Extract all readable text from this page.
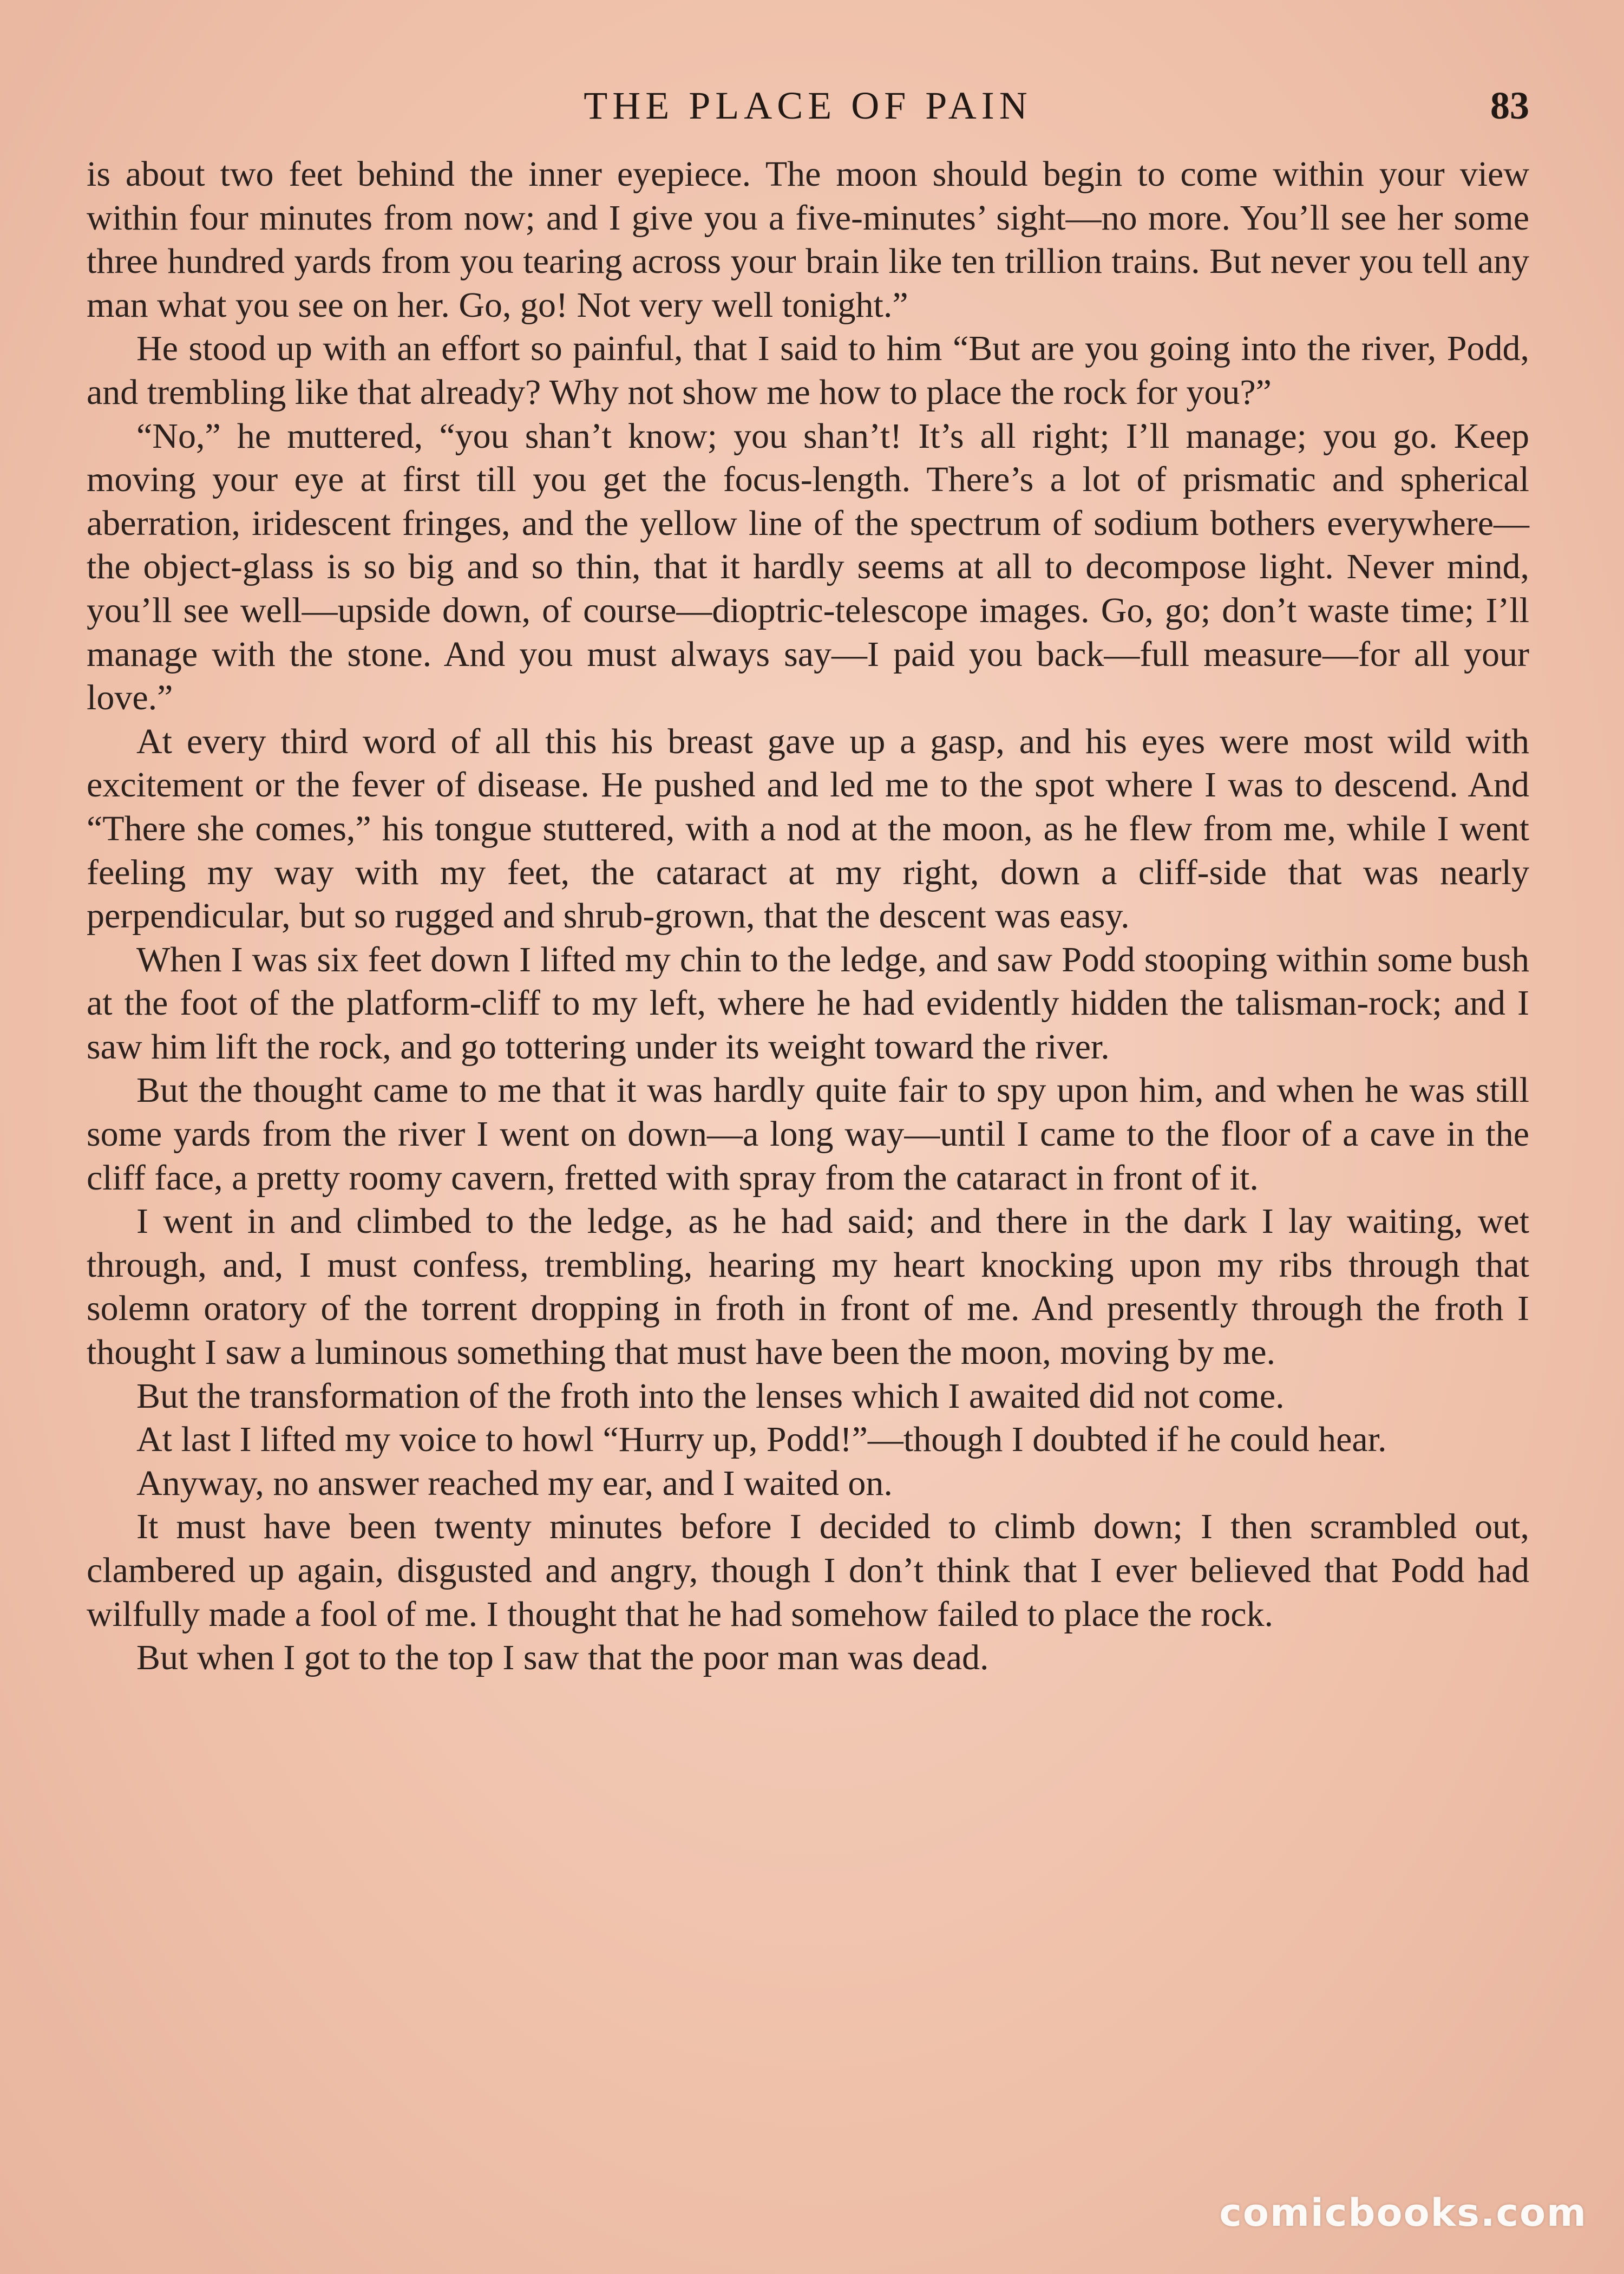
THE PLACE OF PAIN	83

is about two feet behind the inner eyepiece. The moon should begin to come within your view within four minutes from now; and I give you a five-minutes’ sight—no more. You’ll see her some three hundred yards from you tearing across your brain like ten trillion trains. But never you tell any man what you see on her. Go, go! Not very well tonight.”

He stood up with an effort so painful, that I said to him “But are you going into the river, Podd, and trembling like that already? Why not show me how to place the rock for you?”

“No,” he muttered, “you shan’t know; you shan’t! It’s all right; I’ll manage; you go. Keep moving your eye at first till you get the focus-length. There’s a lot of prismatic and spherical aberration, iridescent fringes, and the yellow line of the spectrum of sodium bothers everywhere—the object-glass is so big and so thin, that it hardly seems at all to decompose light. Never mind, you’ll see well—upside down, of course—dioptric-telescope images. Go, go; don’t waste time; I’ll manage with the stone. And you must always say—I paid you back—full measure—for all your love.”

At every third word of all this his breast gave up a gasp, and his eyes were most wild with excitement or the fever of disease. He pushed and led me to the spot where I was to descend. And “There she comes,” his tongue stuttered, with a nod at the moon, as he flew from me, while I went feeling my way with my feet, the cataract at my right, down a cliff-side that was nearly perpendicular, but so rugged and shrub-grown, that the descent was easy.

When I was six feet down I lifted my chin to the ledge, and saw Podd stooping within some bush at the foot of the platform-cliff to my left, where he had evidently hidden the talisman-rock; and I saw him lift the rock, and go tottering under its weight toward the river.

But the thought came to me that it was hardly quite fair to spy upon him, and when he was still some yards from the river I went on down—a long way—until I came to the floor of a cave in the cliff face, a pretty roomy cavern, fretted with spray from the cataract in front of it.

I went in and climbed to the ledge, as he had said; and there in the dark I lay waiting, wet through, and, I must confess, trembling, hearing my heart knocking upon my ribs through that solemn oratory of the torrent dropping in froth in front of me. And presently through the froth I thought I saw a luminous something that must have been the moon, moving by me.

But the transformation of the froth into the lenses which I awaited did not come.

At last I lifted my voice to howl “Hurry up, Podd!”—though I doubted if he could hear.

Anyway, no answer reached my ear, and I waited on.

It must have been twenty minutes before I decided to climb down; I then scrambled out, clambered up again, disgusted and angry, though I don’t think that I ever believed that Podd had wilfully made a fool of me. I thought that he had somehow failed to place the rock.

But when I got to the top I saw that the poor man was dead.

comicbooks.com
